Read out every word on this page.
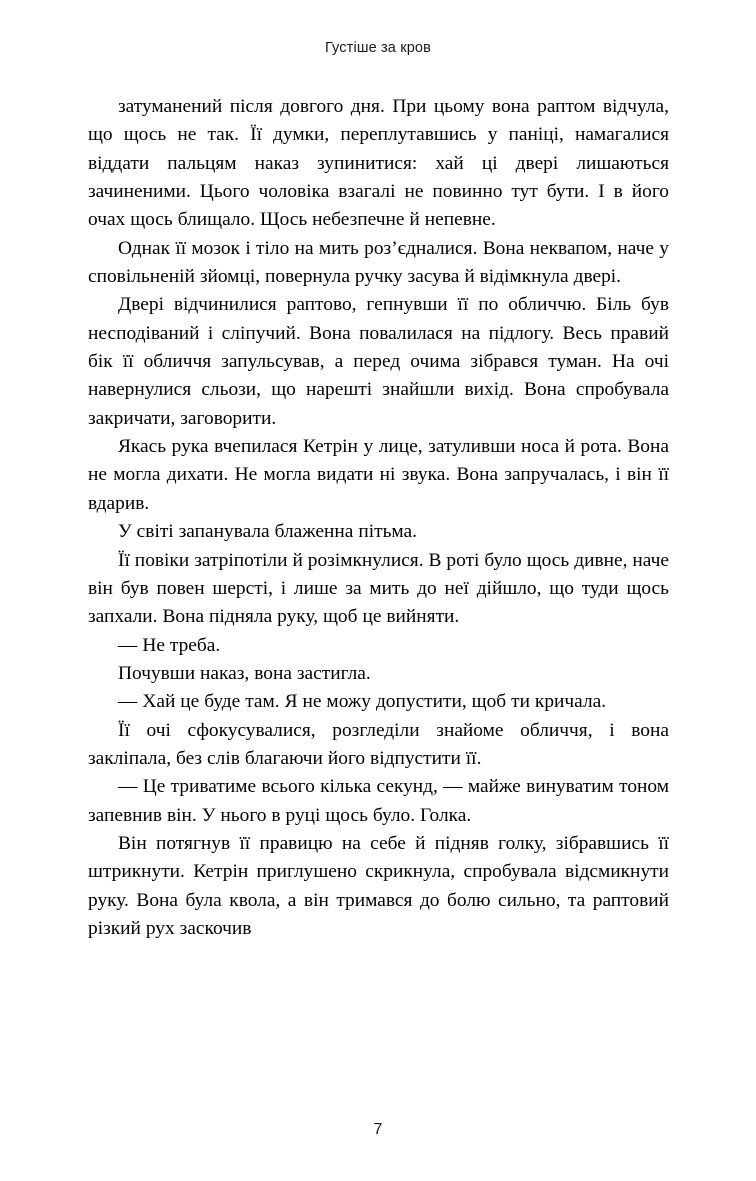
Густіше за кров

затуманений після довгого дня. При цьому вона раптом відчула, що щось не так. Її думки, переплутавшись у паніці, намагалися віддати пальцям наказ зупинитися: хай ці двері лишаються зачиненими. Цього чоловіка взагалі не повинно тут бути. І в його очах щось блищало. Щось небезпечне й непевне.

Однак її мозок і тіло на мить роз’єдналися. Вона неквапом, наче у сповільненій зйомці, повернула ручку засува й відімкнула двері.

Двері відчинилися раптово, гепнувши її по обличчю. Біль був несподіваний і сліпучий. Вона повалилася на підлогу. Весь правий бік її обличчя запульсував, а перед очима зібрався туман. На очі навернулися сльози, що нарешті знайшли вихід. Вона спробувала закричати, заговорити.

Якась рука вчепилася Кетрін у лице, затуливши носа й рота. Вона не могла дихати. Не могла видати ні звука. Вона запручалась, і він її вдарив.

У світі запанувала блаженна пітьма.

Її повіки затріпотіли й розімкнулися. В роті було щось дивне, наче він був повен шерсті, і лише за мить до неї дійшло, що туди щось запхали. Вона підняла руку, щоб це вийняти.

— Не треба.

Почувши наказ, вона застигла.

— Хай це буде там. Я не можу допустити, щоб ти кричала.

Її очі сфокусувалися, розгледіли знайоме обличчя, і вона закліпала, без слів благаючи його відпустити її.

— Це триватиме всього кілька секунд, — майже винуватим тоном запевнив він. У нього в руці щось було. Голка.

Він потягнув її правицю на себе й підняв голку, зібравшись її штрикнути. Кетрін приглушено скрикнула, спробувала відсмикнути руку. Вона була квола, а він тримався до болю сильно, та раптовий різкий рух заскочив

7
